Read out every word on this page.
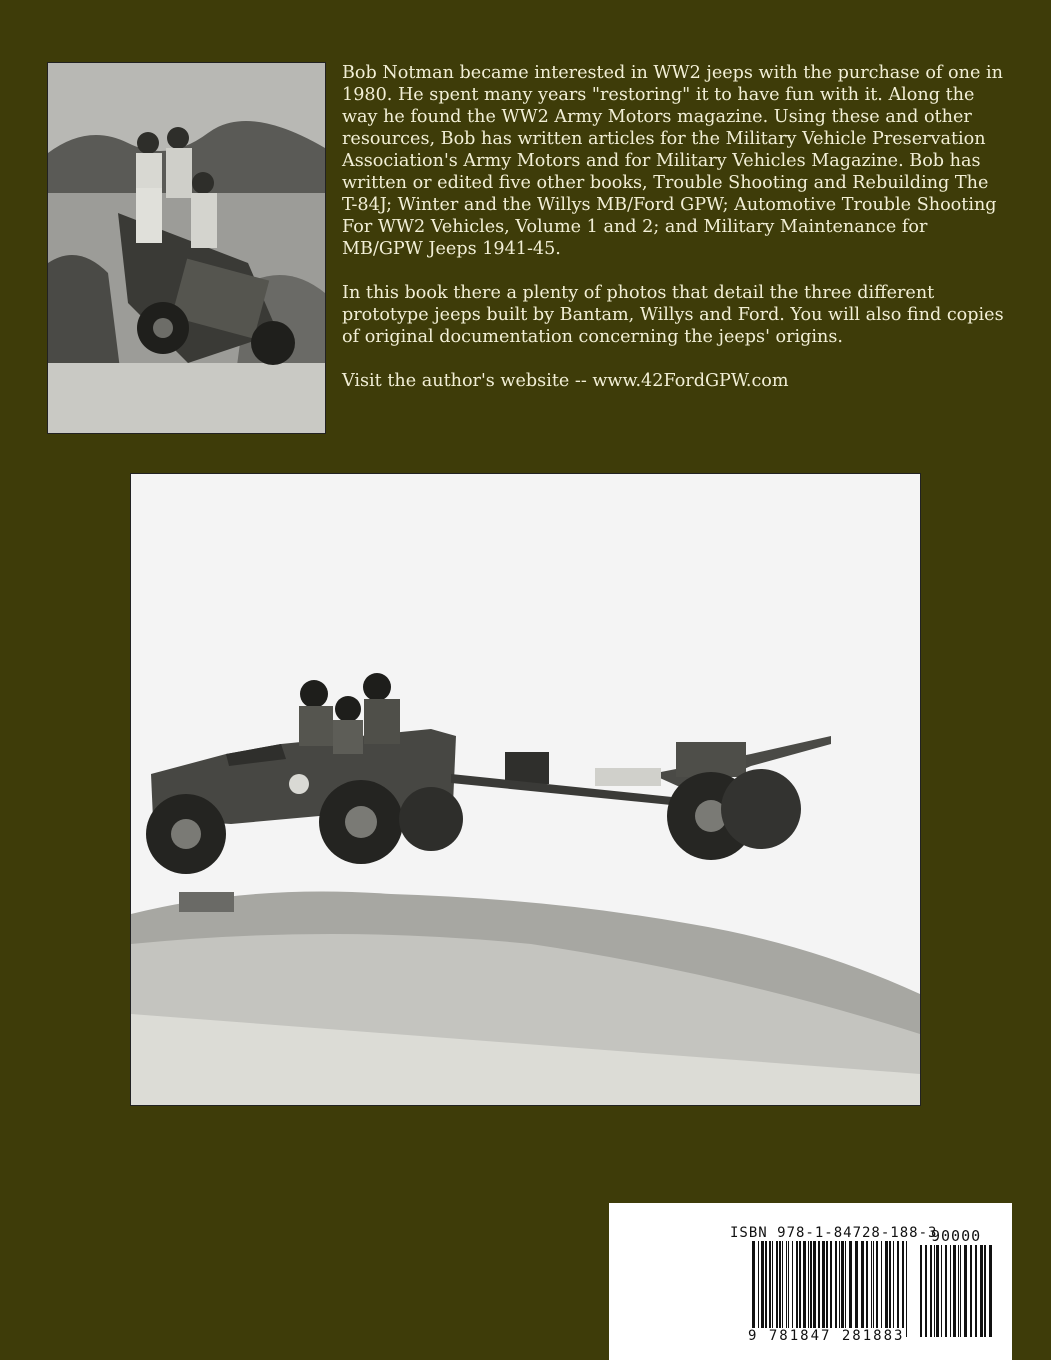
Bob Notman became interested in WW2 jeeps with the purchase of one in 1980. He spent many years "restoring" it to have fun with it. Along the way he found the WW2 Army Motors magazine. Using these and other resources, Bob has written articles for the Military Vehicle Preservation Association's Army Motors and for Military Vehicles Magazine. Bob has written or edited five other books, Trouble Shooting and Rebuilding The T-84J; Winter and the Willys MB/Ford GPW; Automotive Trouble Shooting For WW2 Vehicles, Volume 1 and 2; and Military Maintenance for MB/GPW Jeeps 1941-45.

In this book there a plenty of photos that detail the three different prototype jeeps built by Bantam, Willys and Ford. You will also find copies of original documentation concerning the jeeps' origins.

Visit the author's website -- www.42FordGPW.com

ISBN 978-1-84728-188-3
90000
9 781847 281883
